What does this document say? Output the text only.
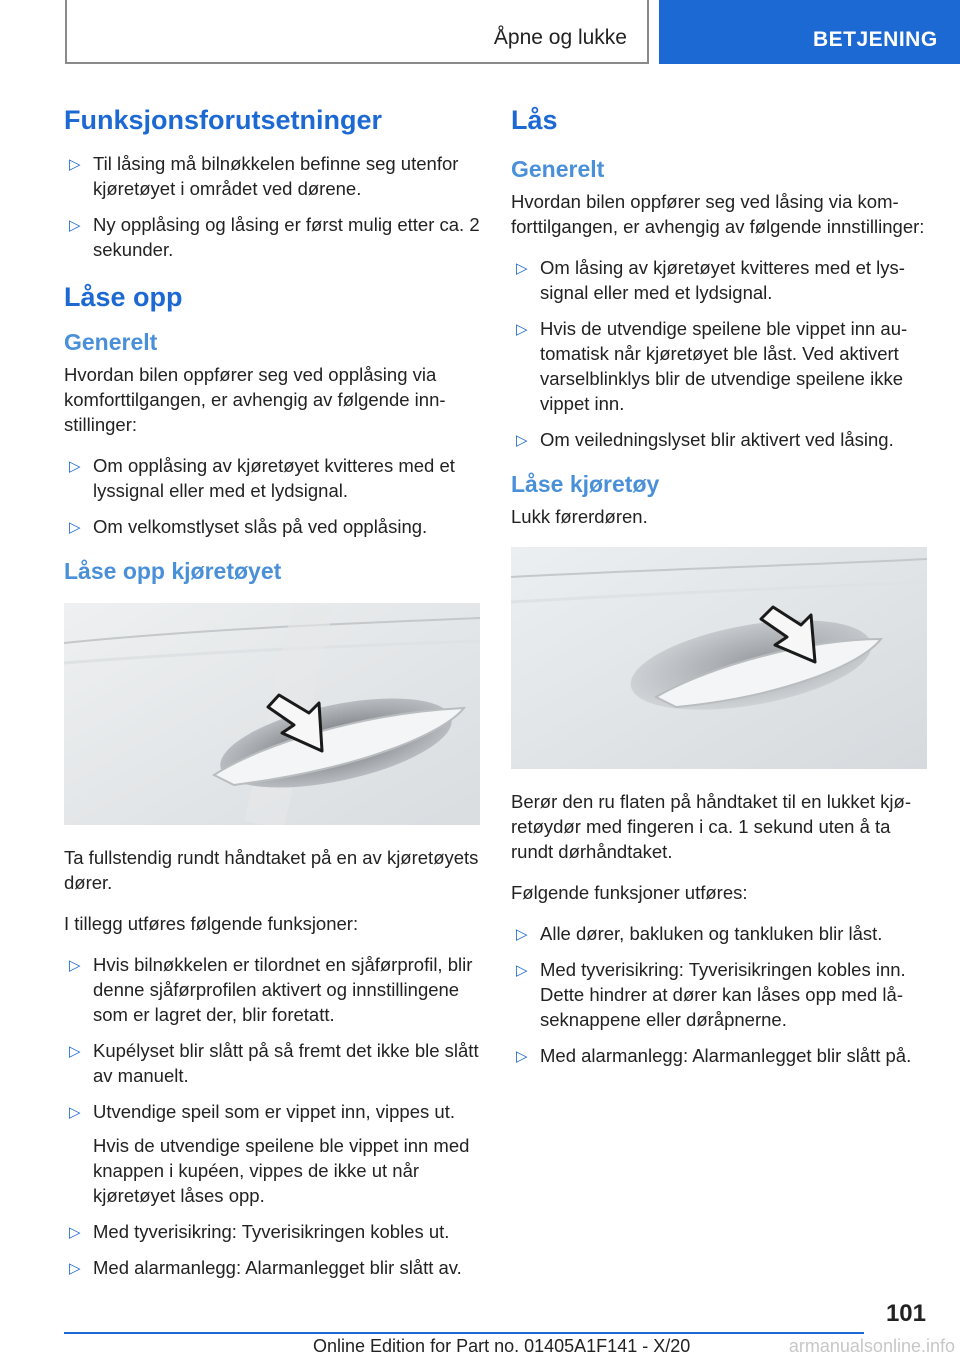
Åpne og lukke	BETJENING
Funksjonsforutsetninger
▷ Til låsing må bilnøkkelen befinne seg utenfor kjøretøyet i området ved dørene.
▷ Ny opplåsing og låsing er først mulig etter ca. 2 sekunder.
Låse opp
Generelt

Hvordan bilen oppfører seg ved opplåsing via komforttilgangen, er avhengig av følgende innstillinger:

▷ Om opplåsing av kjøretøyet kvitteres med et lyssignal eller med et lydsignal.
▷ Om velkomstlyset slås på ved opplåsing.
Låse opp kjøretøyet

Ta fullstendig rundt håndtaket på en av kjøretøyets dører.

I tillegg utføres følgende funksjoner:

▷ Hvis bilnøkkelen er tilordnet en sjåførprofil, blir denne sjåførprofilen aktivert og innstillingene som er lagret der, blir foretatt.
▷ Kupélyset blir slått på så fremt det ikke ble slått av manuelt.
▷ Utvendige speil som er vippet inn, vippes ut.
Hvis de utvendige speilene ble vippet inn med knappen i kupéen, vippes de ikke ut når kjøretøyet låses opp.
▷ Med tyverisikring: Tyverisikringen kobles ut.
▷ Med alarmanlegg: Alarmanlegget blir slått av.
Lås
Generelt

Hvordan bilen oppfører seg ved låsing via komforttilgangen, er avhengig av følgende innstillinger:

▷ Om låsing av kjøretøyet kvitteres med et lyssignal eller med et lydsignal.
▷ Hvis de utvendige speilene ble vippet inn automatisk når kjøretøyet ble låst. Ved aktivert varselblinklys blir de utvendige speilene ikke vippet inn.
▷ Om veiledningslyset blir aktivert ved låsing.
Låse kjøretøy

Lukk førerdøren.

Berør den ru flaten på håndtaket til en lukket kjøretøydør med fingeren i ca. 1 sekund uten å ta rundt dørhåndtaket.

Følgende funksjoner utføres:

▷ Alle dører, bakluken og tankluken blir låst.
▷ Med tyverisikring: Tyverisikringen kobles inn. Dette hindrer at dører kan låses opp med låseknappene eller døråpnerne.
▷ Med alarmanlegg: Alarmanlegget blir slått på.
101
Online Edition for Part no. 01405A1F141 - X/20	armanualsonline.info
